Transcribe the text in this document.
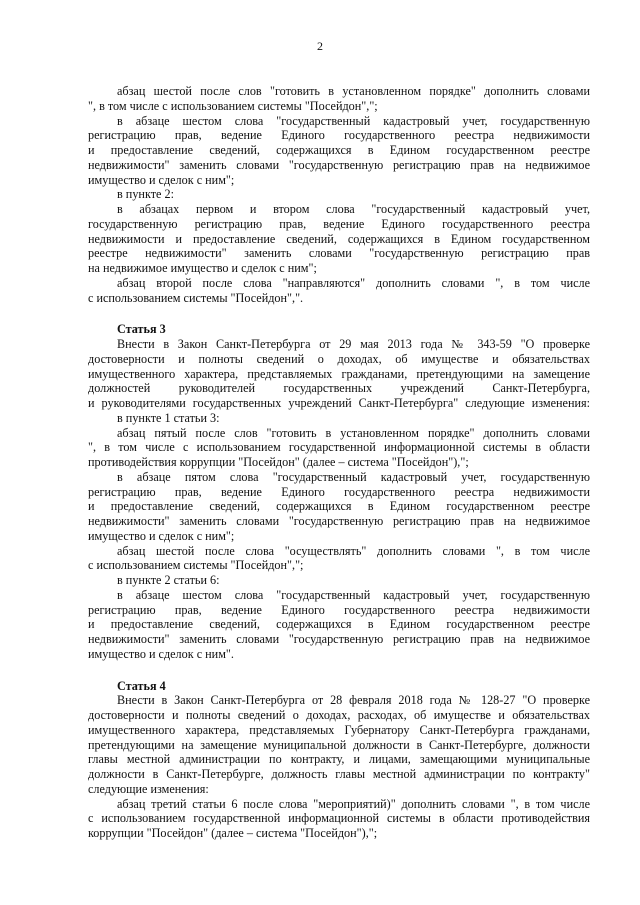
2
абзац шестой после слов "готовить в установленном порядке" дополнить словами
", в том числе с использованием системы "Посейдон",";
в абзаце шестом слова "государственный кадастровый учет, государственную
регистрацию прав, ведение Единого государственного реестра недвижимости
и предоставление сведений, содержащихся в Едином государственном реестре
недвижимости" заменить словами "государственную регистрацию прав на недвижимое
имущество и сделок с ним";
в пункте 2:
в абзацах первом и втором слова "государственный кадастровый учет,
государственную регистрацию прав, ведение Единого государственного реестра
недвижимости и предоставление сведений, содержащихся в Едином государственном
реестре недвижимости" заменить словами "государственную регистрацию прав
на недвижимое имущество и сделок с ним";
абзац второй после слова "направляются" дополнить словами ", в том числе
с использованием системы "Посейдон",".
Статья 3
Внести в Закон Санкт-Петербурга от 29 мая 2013 года № 343-59 "О проверке
достоверности и полноты сведений о доходах, об имуществе и обязательствах
имущественного характера, представляемых гражданами, претендующими на замещение
должностей руководителей государственных учреждений Санкт-Петербурга,
и руководителями государственных учреждений Санкт-Петербурга" следующие изменения:
в пункте 1 статьи 3:
абзац пятый после слов "готовить в установленном порядке" дополнить словами
", в том числе с использованием государственной информационной системы в области
противодействия коррупции "Посейдон" (далее – система "Посейдон"),";
в абзаце пятом слова "государственный кадастровый учет, государственную
регистрацию прав, ведение Единого государственного реестра недвижимости
и предоставление сведений, содержащихся в Едином государственном реестре
недвижимости" заменить словами "государственную регистрацию прав на недвижимое
имущество и сделок с ним";
абзац шестой после слова "осуществлять" дополнить словами ", в том числе
с использованием системы "Посейдон",";
в пункте 2 статьи 6:
в абзаце шестом слова "государственный кадастровый учет, государственную
регистрацию прав, ведение Единого государственного реестра недвижимости
и предоставление сведений, содержащихся в Едином государственном реестре
недвижимости" заменить словами "государственную регистрацию прав на недвижимое
имущество и сделок с ним".
Статья 4
Внести в Закон Санкт-Петербурга от 28 февраля 2018 года № 128-27 "О проверке
достоверности и полноты сведений о доходах, расходах, об имуществе и обязательствах
имущественного характера, представляемых Губернатору Санкт-Петербурга гражданами,
претендующими на замещение муниципальной должности в Санкт-Петербурге, должности
главы местной администрации по контракту, и лицами, замещающими муниципальные
должности в Санкт-Петербурге, должность главы местной администрации по контракту"
следующие изменения:
абзац третий статьи 6 после слова "мероприятий)" дополнить словами ", в том числе
с использованием государственной информационной системы в области противодействия
коррупции "Посейдон" (далее – система "Посейдон"),";
